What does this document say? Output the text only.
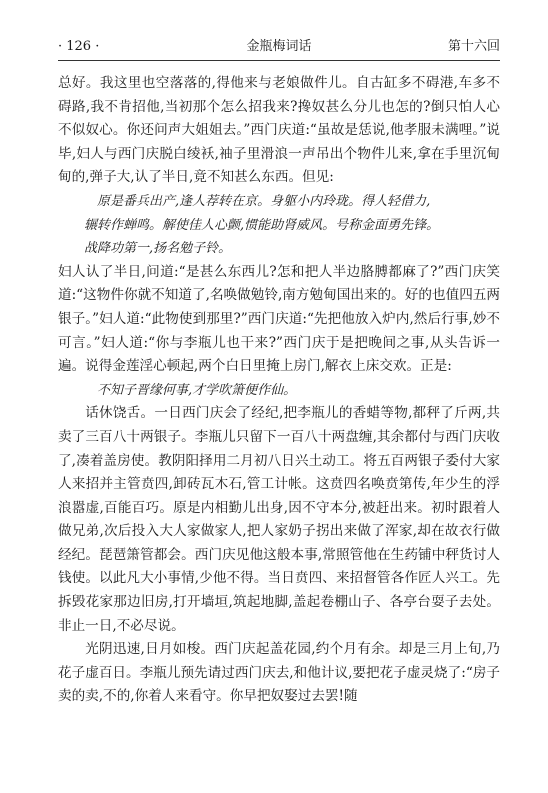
· 126 ·	金瓶梅词话	第十六回

总好。我这里也空落落的,得他来与老娘做件儿。自古缸多不碍港,车多不碍路,我不肯招他,当初那个怎么招我来?搀奴甚么分儿也怎的?倒只怕人心不似奴心。你还问声大姐姐去。”西门庆道:“虽故是恁说,他孝服未满哩。”说毕,妇人与西门庆脱白绫袄,袖子里滑浪一声吊出个物件儿来,拿在手里沉甸甸的,弹子大,认了半日,竟不知甚么东西。但见:

原是番兵出产,逢人荐转在京。身躯小内玲珑。得人轻借力,

辗转作蝉鸣。解使佳人心颤,惯能助肾威风。号称金面勇先锋。

战降功第一,扬名勉子铃。

妇人认了半日,问道:“是甚么东西儿?怎和把人半边胳膊都麻了?”西门庆笑道:“这物件你就不知道了,名唤做勉铃,南方勉甸国出来的。好的也值四五两银子。”妇人道:“此物使到那里?”西门庆道:“先把他放入炉内,然后行事,妙不可言。”妇人道:“你与李瓶儿也干来?”西门庆于是把晚间之事,从头告诉一遍。说得金莲淫心顿起,两个白日里掩上房门,解衣上床交欢。正是:

不知子晋缘何事,才学吹箫便作仙。

话休饶舌。一日西门庆会了经纪,把李瓶儿的香蜡等物,都秤了斤两,共卖了三百八十两银子。李瓶儿只留下一百八十两盘缠,其余都付与西门庆收了,凑着盖房使。教阴阳择用二月初八日兴土动工。将五百两银子委付大家人来招并主管贲四,卸砖瓦木石,管工计帐。这贲四名唤贲第传,年少生的浮浪嚣虚,百能百巧。原是内相勤儿出身,因不守本分,被赶出来。初时跟着人做兄弟,次后投入大人家做家人,把人家奶子拐出来做了浑家,却在故衣行做经纪。琵琶箫管都会。西门庆见他这般本事,常照管他在生药铺中秤货讨人钱使。以此凡大小事情,少他不得。当日贲四、来招督管各作匠人兴工。先拆毁花家那边旧房,打开墙垣,筑起地脚,盖起卷棚山子、各亭台耍子去处。非止一日,不必尽说。

光阴迅速,日月如梭。西门庆起盖花园,约个月有余。却是三月上旬,乃花子虚百日。李瓶儿预先请过西门庆去,和他计议,要把花子虚灵烧了:“房子卖的卖,不的,你着人来看守。你早把奴娶过去罢!随
